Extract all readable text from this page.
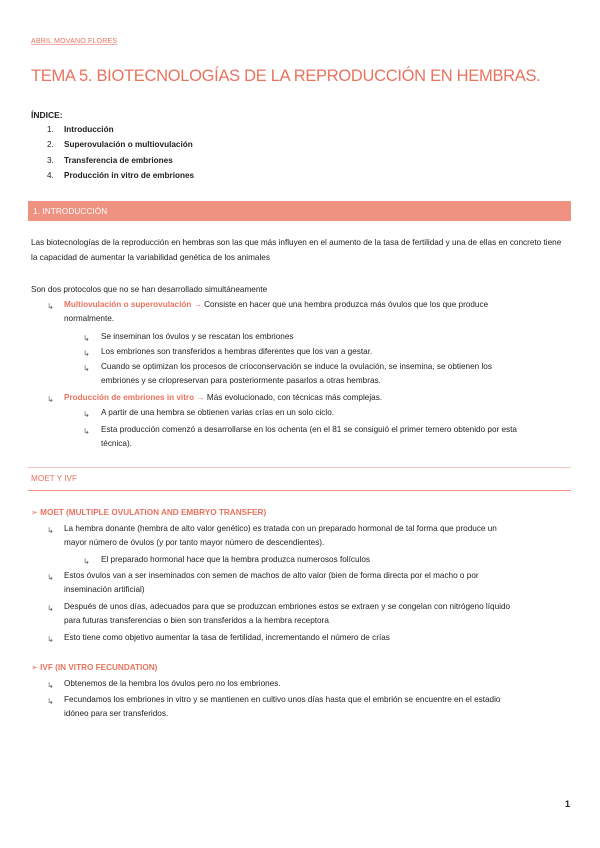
ABRIL MOVANO FLORES
TEMA 5. BIOTECNOLOGÍAS DE LA REPRODUCCIÓN EN HEMBRAS.
ÍNDICE:
1.	Introducción
2.	Superovulación o multiovulación
3.	Transferencia de embriones
4.	Producción in vitro de embriones
1. INTRODUCCIÓN

Las biotecnologías de la reproducción en hembras son las que más influyen en el aumento de la tasa de fertilidad y una de ellas en concreto tiene la capacidad de aumentar la variabilidad genética de los animales

Son dos protocolos que no se han desarrollado simultáneamente

↳ Multiovulación o superovulación → Consiste en hacer que una hembra produzca más óvulos que los que produce

normalmente.

↳ Se inseminan los óvulos y se rescatan los embriones

↳ Los embriones son transferidos a hembras diferentes que los van a gestar.

↳ Cuando se optimizan los procesos de crioconservación se induce la ovulación, se insemina, se obtienen los

embriones y se criopreservan para posteriormente pasarlos a otras hembras.

↳ Producción de embriones in vitro → Más evolucionado, con técnicas más complejas.

↳ A partir de una hembra se obtienen varias crías en un solo ciclo.

↳ Esta producción comenzó a desarrollarse en los ochenta (en el 81 se consiguió el primer ternero obtenido por esta

técnica).

MOET Y IVF
➢ MOET (MULTIPLE OVULATION AND EMBRYO TRANSFER)
↳ La hembra donante (hembra de alto valor genético) es tratada con un preparado hormonal de tal forma que produce un

mayor número de óvulos (y por tanto mayor número de descendientes).

↳ El preparado hormonal hace que la hembra produzca numerosos folículos

↳ Estos óvulos van a ser inseminados con semen de machos de alto valor (bien de forma directa por el macho o por

inseminación artificial)

↳ Después de unos días, adecuados para que se produzcan embriones estos se extraen y se congelan con nitrógeno líquido

para futuras transferencias o bien son transferidos a la hembra receptora

↳ Esto tiene como objetivo aumentar la tasa de fertilidad, incrementando el número de crías

➢ IVF (IN VITRO FECUNDATION)
↳ Obtenemos de la hembra los óvulos pero no los embriones.

↳ Fecundamos los embriones in vitro y se mantienen en cultivo unos días hasta que el embrión se encuentre en el estadio

idóneo para ser transferidos.

1
